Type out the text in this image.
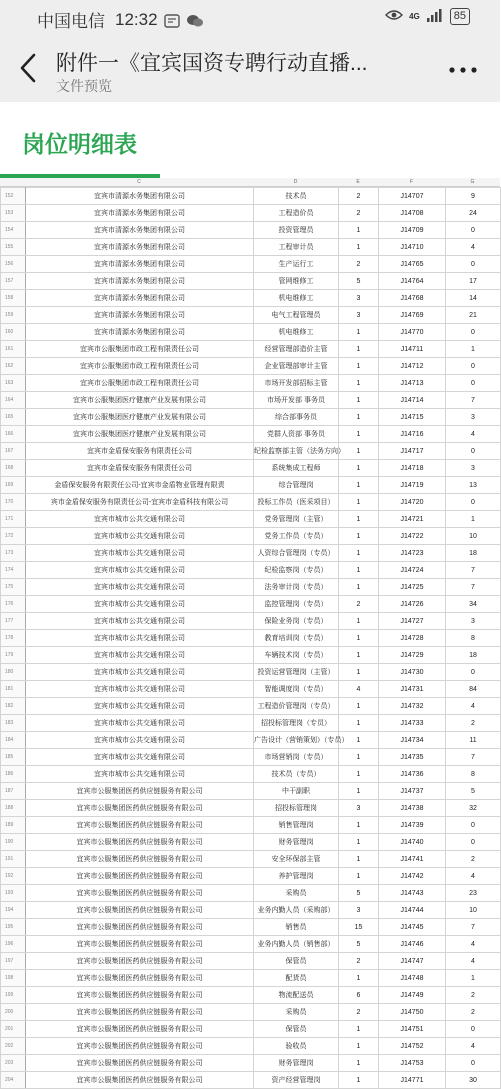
中国电信 12:32	4G	85
附件一《宜宾国资专聘行动直播...
文件预览
岗位明细表
C	D	E	F	G
152	宜宾市清源水务集团有限公司	技术员	2	J14707	9
153	宜宾市清源水务集团有限公司	工程造价员	2	J14708	24
154	宜宾市清源水务集团有限公司	投资管理员	1	J14709	0
155	宜宾市清源水务集团有限公司	工程审计员	1	J14710	4
156	宜宾市清源水务集团有限公司	生产运行工	2	J14765	0
157	宜宾市清源水务集团有限公司	管网维修工	5	J14764	17
158	宜宾市清源水务集团有限公司	机电维修工	3	J14768	14
159	宜宾市清源水务集团有限公司	电气工程管理员	3	J14769	21
160	宜宾市清源水务集团有限公司	机电维修工	1	J14770	0
161	宜宾市公服集团市政工程有限责任公司	经营管理部造价主管	1	J14711	1
162	宜宾市公服集团市政工程有限责任公司	企业管理部审计主管	1	J14712	0
163	宜宾市公服集团市政工程有限责任公司	市场开发部招标主管	1	J14713	0
164	宜宾市公服集团医疗健康产业发展有限公司	市场开发部 事务员	1	J14714	7
165	宜宾市公服集团医疗健康产业发展有限公司	综合部事务员	1	J14715	3
166	宜宾市公服集团医疗健康产业发展有限公司	党群人资部 事务员	1	J14716	4
167	宜宾市金盾保安服务有限责任公司	纪检监察部主管（法务方向）	1	J14717	0
168	宜宾市金盾保安服务有限责任公司	系统集成工程师	1	J14718	3
169	金盾保安服务有限责任公司-宜宾市金盾物业管理有限责	综合管理岗	1	J14719	13
170	宾市金盾保安服务有限责任公司-宜宾市金盾科技有限公司	投标工作员（医采项目）	1	J14720	0
171	宜宾市城市公共交通有限公司	党务管理岗（主管）	1	J14721	1
172	宜宾市城市公共交通有限公司	党务工作员（专员）	1	J14722	10
173	宜宾市城市公共交通有限公司	人资综合管理岗（专员）	1	J14723	18
174	宜宾市城市公共交通有限公司	纪检监察岗（专员）	1	J14724	7
175	宜宾市城市公共交通有限公司	法务审计岗（专员）	1	J14725	7
176	宜宾市城市公共交通有限公司	监控管理岗（专员）	2	J14726	34
177	宜宾市城市公共交通有限公司	保险业务岗（专员）	1	J14727	3
178	宜宾市城市公共交通有限公司	教育培训岗（专员）	1	J14728	8
179	宜宾市城市公共交通有限公司	车辆技术岗（专员）	1	J14729	18
180	宜宾市城市公共交通有限公司	投资运营管理岗（主管）	1	J14730	0
181	宜宾市城市公共交通有限公司	智能调度岗（专员）	4	J14731	84
182	宜宾市城市公共交通有限公司	工程造价管理岗（专员）	1	J14732	4
183	宜宾市城市公共交通有限公司	招投标管理岗（专员）	1	J14733	2
184	宜宾市城市公共交通有限公司	广告设计（营销策划）（专员）	1	J14734	11
185	宜宾市城市公共交通有限公司	市场营销岗（专员）	1	J14735	7
186	宜宾市城市公共交通有限公司	技术员（专员）	1	J14736	8
187	宜宾市公服集团医药供应链服务有限公司	中干副职	1	J14737	5
188	宜宾市公服集团医药供应链服务有限公司	招投标管理岗	3	J14738	32
189	宜宾市公服集团医药供应链服务有限公司	销售管理岗	1	J14739	0
190	宜宾市公服集团医药供应链服务有限公司	财务管理岗	1	J14740	0
191	宜宾市公服集团医药供应链服务有限公司	安全环保部主管	1	J14741	2
192	宜宾市公服集团医药供应链服务有限公司	养护管理岗	1	J14742	4
193	宜宾市公服集团医药供应链服务有限公司	采购员	5	J14743	23
194	宜宾市公服集团医药供应链服务有限公司	业务内勤人员（采购部）	3	J14744	10
195	宜宾市公服集团医药供应链服务有限公司	销售员	15	J14745	7
196	宜宾市公服集团医药供应链服务有限公司	业务内勤人员（销售部）	5	J14746	4
197	宜宾市公服集团医药供应链服务有限公司	保管员	2	J14747	4
198	宜宾市公服集团医药供应链服务有限公司	配货员	1	J14748	1
199	宜宾市公服集团医药供应链服务有限公司	物流配送员	6	J14749	2
200	宜宾市公服集团医药供应链服务有限公司	采购员	2	J14750	2
201	宜宾市公服集团医药供应链服务有限公司	保管员	1	J14751	0
202	宜宾市公服集团医药供应链服务有限公司	验收员	1	J14752	4
203	宜宾市公服集团医药供应链服务有限公司	财务管理岗	1	J14753	0
204	宜宾市公服集团医药供应链服务有限公司	资产经营管理岗	1	J14771	30
